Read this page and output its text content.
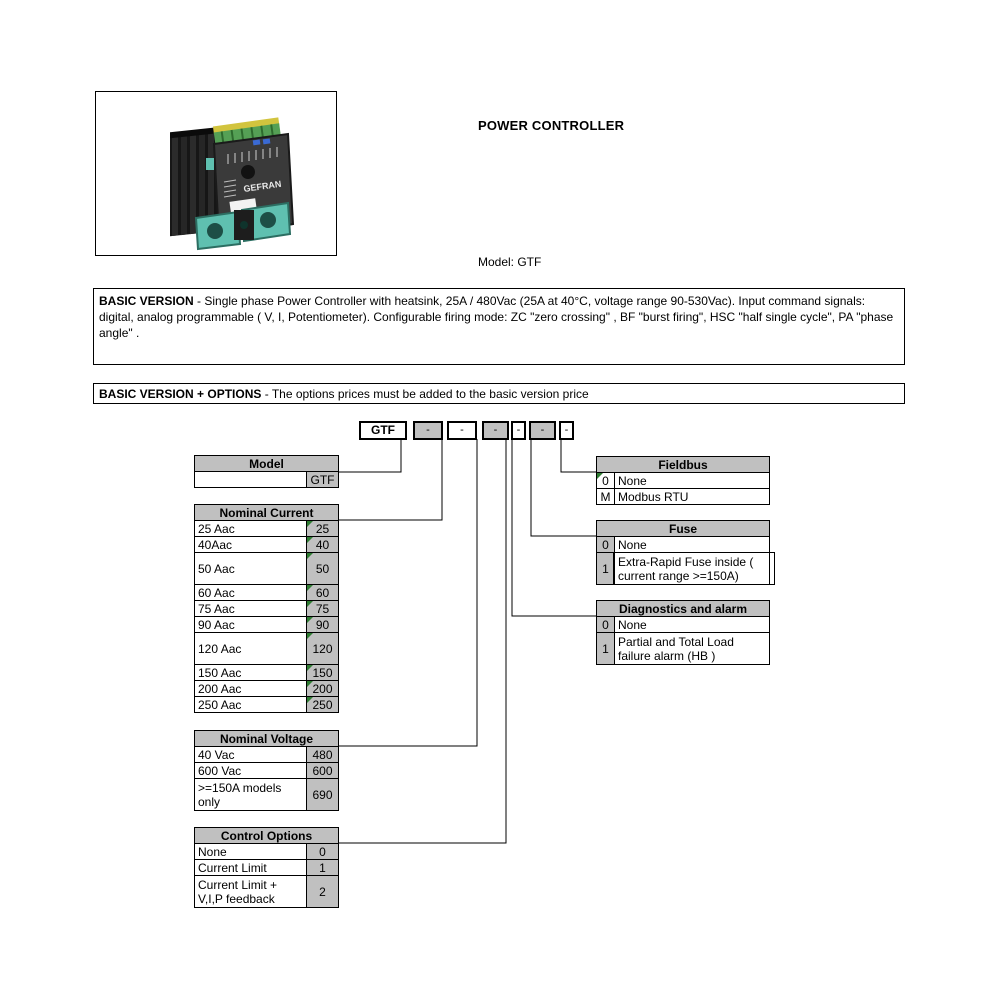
GEFRAN
POWER CONTROLLER
Model: GTF
BASIC VERSION - Single phase Power Controller with heatsink, 25A / 480Vac (25A at 40°C, voltage range 90-530Vac). Input command signals: digital, analog programmable ( V, I, Potentiometer). Configurable firing mode: ZC "zero crossing" , BF "burst firing", HSC "half single cycle", PA "phase angle" .
BASIC VERSION + OPTIONS - The options prices must be added to the basic version price
GTF	-	-	-	-	-	-
Model
	GTF
Nominal Current	
25 Aac	25
40Aac	40
50 Aac	50
60 Aac	60
75 Aac	75
90 Aac	90
120 Aac	120
150 Aac	150
200 Aac	200
250 Aac	250
Nominal Voltage	
40 Vac	480
600 Vac	600
>=150A models only	690
Control Options	
None	0
Current Limit	1
Current Limit + V,I,P feedback	2
Fieldbus	
0	None
M	Modbus RTU
Fuse	
0	None
1	Extra-Rapid Fuse inside ( current range >=150A)
Diagnostics and alarm	
0	None
1	Partial and Total Load failure alarm (HB )
